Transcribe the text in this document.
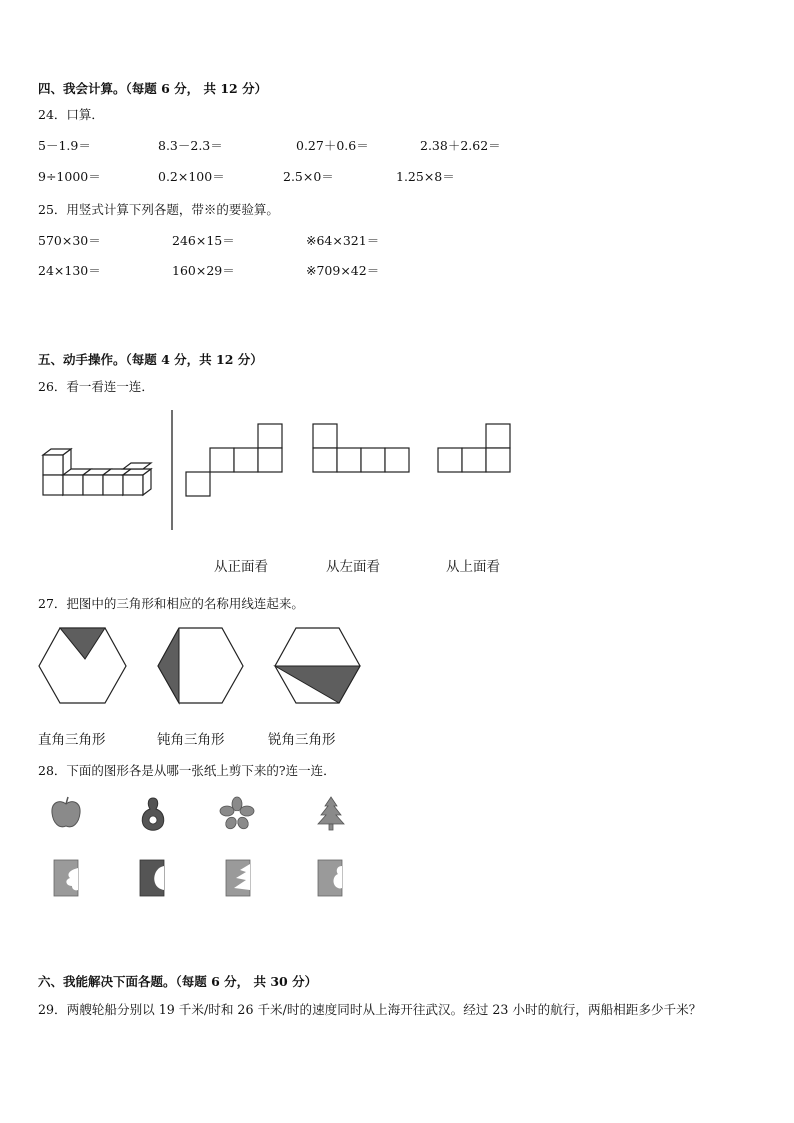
四、我会计算。（每题 6 分， 共 12 分）
24．口算．
5－1.9＝	8.3－2.3＝	0.27＋0.6＝	2.38＋2.62＝
9÷1000＝	0.2×100＝	2.5×0＝	1.25×8＝
25．用竖式计算下列各题，带※的要验算。
570×30＝	246×15＝	※64×321＝
24×130＝	160×29＝	※709×42＝
五、动手操作。（每题 4 分，共 12 分）
26．看一看连一连．
从正面看	从左面看	从上面看
27．把图中的三角形和相应的名称用线连起来。
直角三角形	钝角三角形	锐角三角形
28．下面的图形各是从哪一张纸上剪下来的?连一连．
六、我能解决下面各题。（每题 6 分， 共 30 分）
29．两艘轮船分别以 19 千米/时和 26 千米/时的速度同时从上海开往武汉。经过 23 小时的航行，两船相距多少千米？
